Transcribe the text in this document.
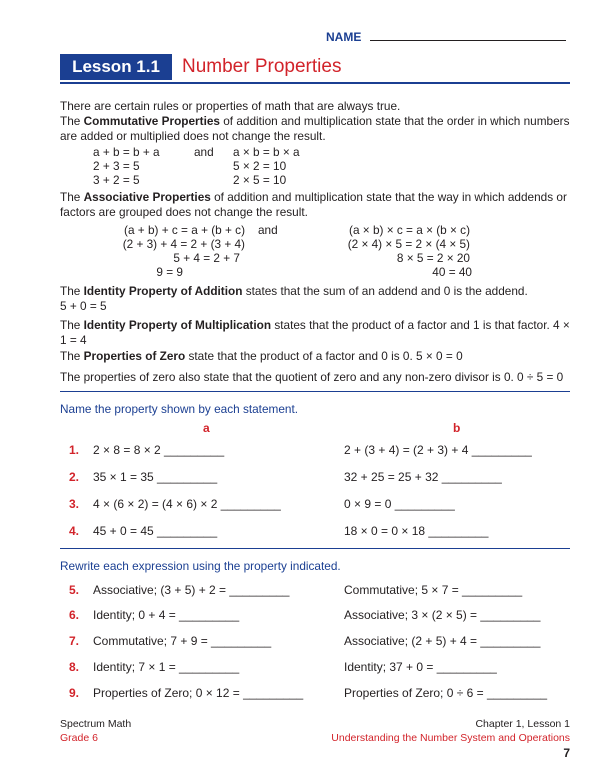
NAME
Lesson 1.1	Number Properties
There are certain rules or properties of math that are always true.
The Commutative Properties of addition and multiplication state that the order in which numbers are added or multiplied does not change the result.
a + b = b + a	and a × b = b × a
2 + 3 = 5	5 × 2 = 10
3 + 2 = 5	2 × 5 = 10
The Associative Properties of addition and multiplication state that the way in which addends or factors are grouped does not change the result.
(a + b) + c = a + (b + c) and	(a × b) × c = a × (b × c)
(2 + 3) + 4 = 2 + (3 + 4)	(2 × 4) × 5 = 2 × (4 × 5)
5 + 4 = 2 + 7	8 × 5 = 2 × 20
9 = 9	40 = 40
The Identity Property of Addition states that the sum of an addend and 0 is the addend.
5 + 0 = 5
The Identity Property of Multiplication states that the product of a factor and 1 is that factor. 4 × 1 = 4
The Properties of Zero state that the product of a factor and 0 is 0. 5 × 0 = 0
The properties of zero also state that the quotient of zero and any non-zero divisor is 0. 0 ÷ 5 = 0
Name the property shown by each statement.
a	b
1. 2 × 8 = 8 × 2 _________	2 + (3 + 4) = (2 + 3) + 4 _________
2. 35 × 1 = 35 _________	32 + 25 = 25 + 32 _________
3. 4 × (6 × 2) = (4 × 6) × 2 _________	0 × 9 = 0 _________
4. 45 + 0 = 45 _________	18 × 0 = 0 × 18 _________
Rewrite each expression using the property indicated.
5. Associative; (3 + 5) + 2 = _________	Commutative; 5 × 7 = _________
6. Identity; 0 + 4 = _________	Associative; 3 × (2 × 5) = _________
7. Commutative; 7 + 9 = _________	Associative; (2 + 5) + 4 = _________
8. Identity; 7 × 1 = _________	Identity; 37 + 0 = _________
9. Properties of Zero; 0 × 12 = _________	Properties of Zero; 0 ÷ 6 = _________
Spectrum Math
Grade 6
Chapter 1, Lesson 1
Understanding the Number System and Operations
7
